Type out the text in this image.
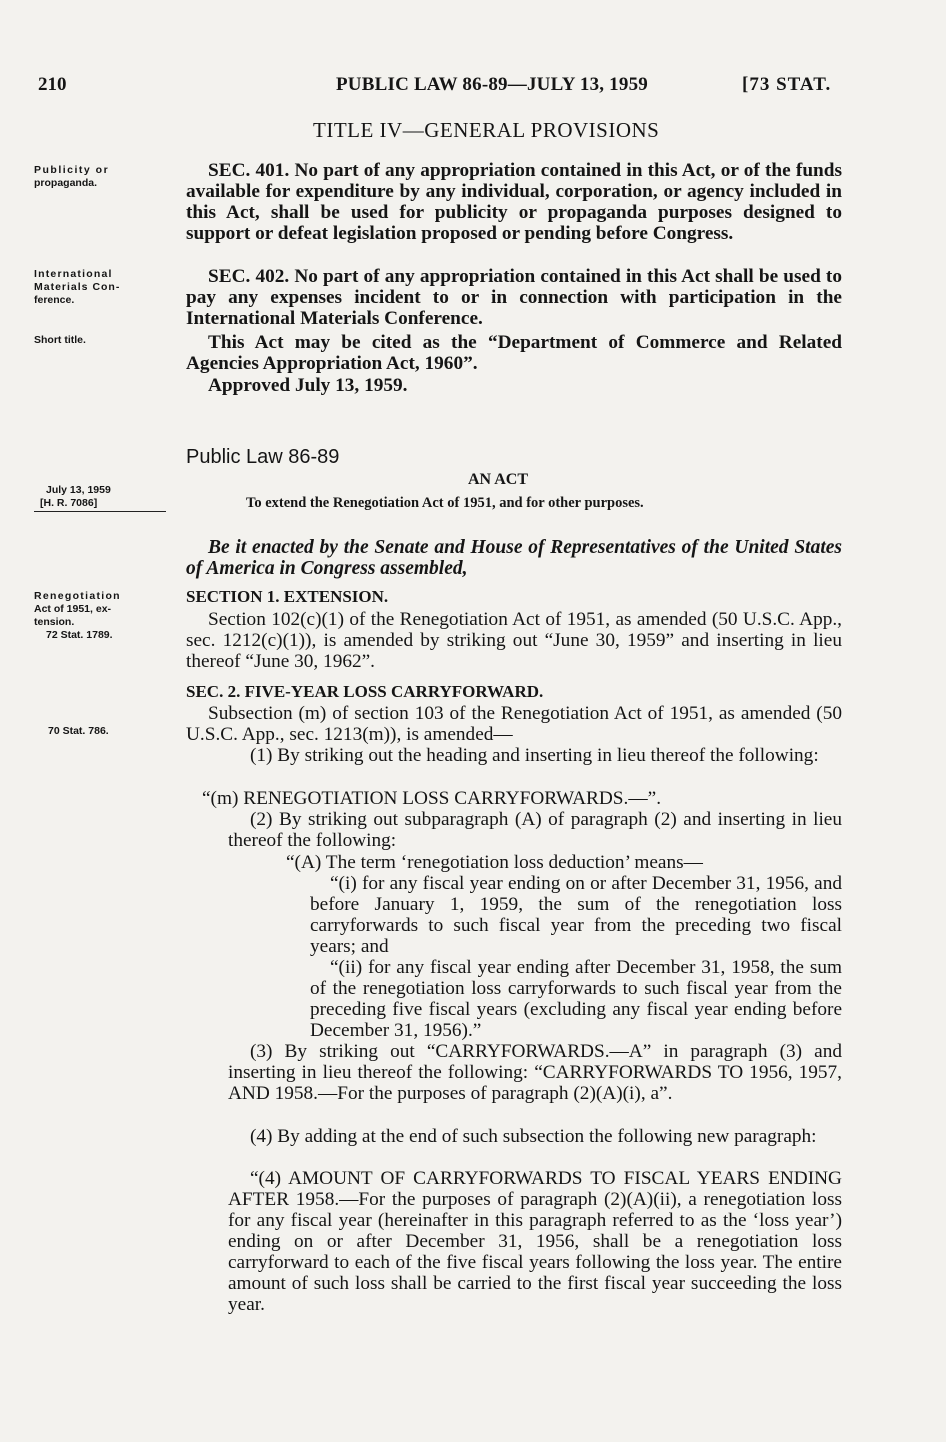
210	PUBLIC LAW 86-89—JULY 13, 1959	[73 STAT.
TITLE IV—GENERAL PROVISIONS
Publicity or
propaganda.
International
Materials Con-
ference.
Short title.
July 13, 1959
[H. R. 7086]
Renegotiation
Act of 1951, ex-
tension.
72 Stat. 1789.
70 Stat. 786.
SEC. 401. No part of any appropriation contained in this Act, or of the funds available for expenditure by any individual, corporation, or agency included in this Act, shall be used for publicity or propaganda purposes designed to support or defeat legislation proposed or pending before Congress.
SEC. 402. No part of any appropriation contained in this Act shall be used to pay any expenses incident to or in connection with participation in the International Materials Conference.
This Act may be cited as the “Department of Commerce and Related Agencies Appropriation Act, 1960”.
Approved July 13, 1959.
Public Law 86-89
AN ACT
To extend the Renegotiation Act of 1951, and for other purposes.
Be it enacted by the Senate and House of Representatives of the United States of America in Congress assembled,
SECTION 1. EXTENSION.
Section 102(c)(1) of the Renegotiation Act of 1951, as amended (50 U.S.C. App., sec. 1212(c)(1)), is amended by striking out “June 30, 1959” and inserting in lieu thereof “June 30, 1962”.
SEC. 2. FIVE-YEAR LOSS CARRYFORWARD.
Subsection (m) of section 103 of the Renegotiation Act of 1951, as amended (50 U.S.C. App., sec. 1213(m)), is amended—
(1) By striking out the heading and inserting in lieu thereof the following:
“(m) RENEGOTIATION LOSS CARRYFORWARDS.—”.
(2) By striking out subparagraph (A) of paragraph (2) and inserting in lieu thereof the following:
“(A) The term ‘renegotiation loss deduction’ means—
“(i) for any fiscal year ending on or after December 31, 1956, and before January 1, 1959, the sum of the renegotiation loss carryforwards to such fiscal year from the preceding two fiscal years; and
“(ii) for any fiscal year ending after December 31, 1958, the sum of the renegotiation loss carryforwards to such fiscal year from the preceding five fiscal years (excluding any fiscal year ending before December 31, 1956).”
(3) By striking out “CARRYFORWARDS.—A” in paragraph (3) and inserting in lieu thereof the following: “CARRYFORWARDS TO 1956, 1957, AND 1958.—For the purposes of paragraph (2)(A)(i), a”.
(4) By adding at the end of such subsection the following new paragraph:
“(4) AMOUNT OF CARRYFORWARDS TO FISCAL YEARS ENDING AFTER 1958.—For the purposes of paragraph (2)(A)(ii), a renegotiation loss for any fiscal year (hereinafter in this paragraph referred to as the ‘loss year’) ending on or after December 31, 1956, shall be a renegotiation loss carryforward to each of the five fiscal years following the loss year. The entire amount of such loss shall be carried to the first fiscal year succeeding the loss year.
